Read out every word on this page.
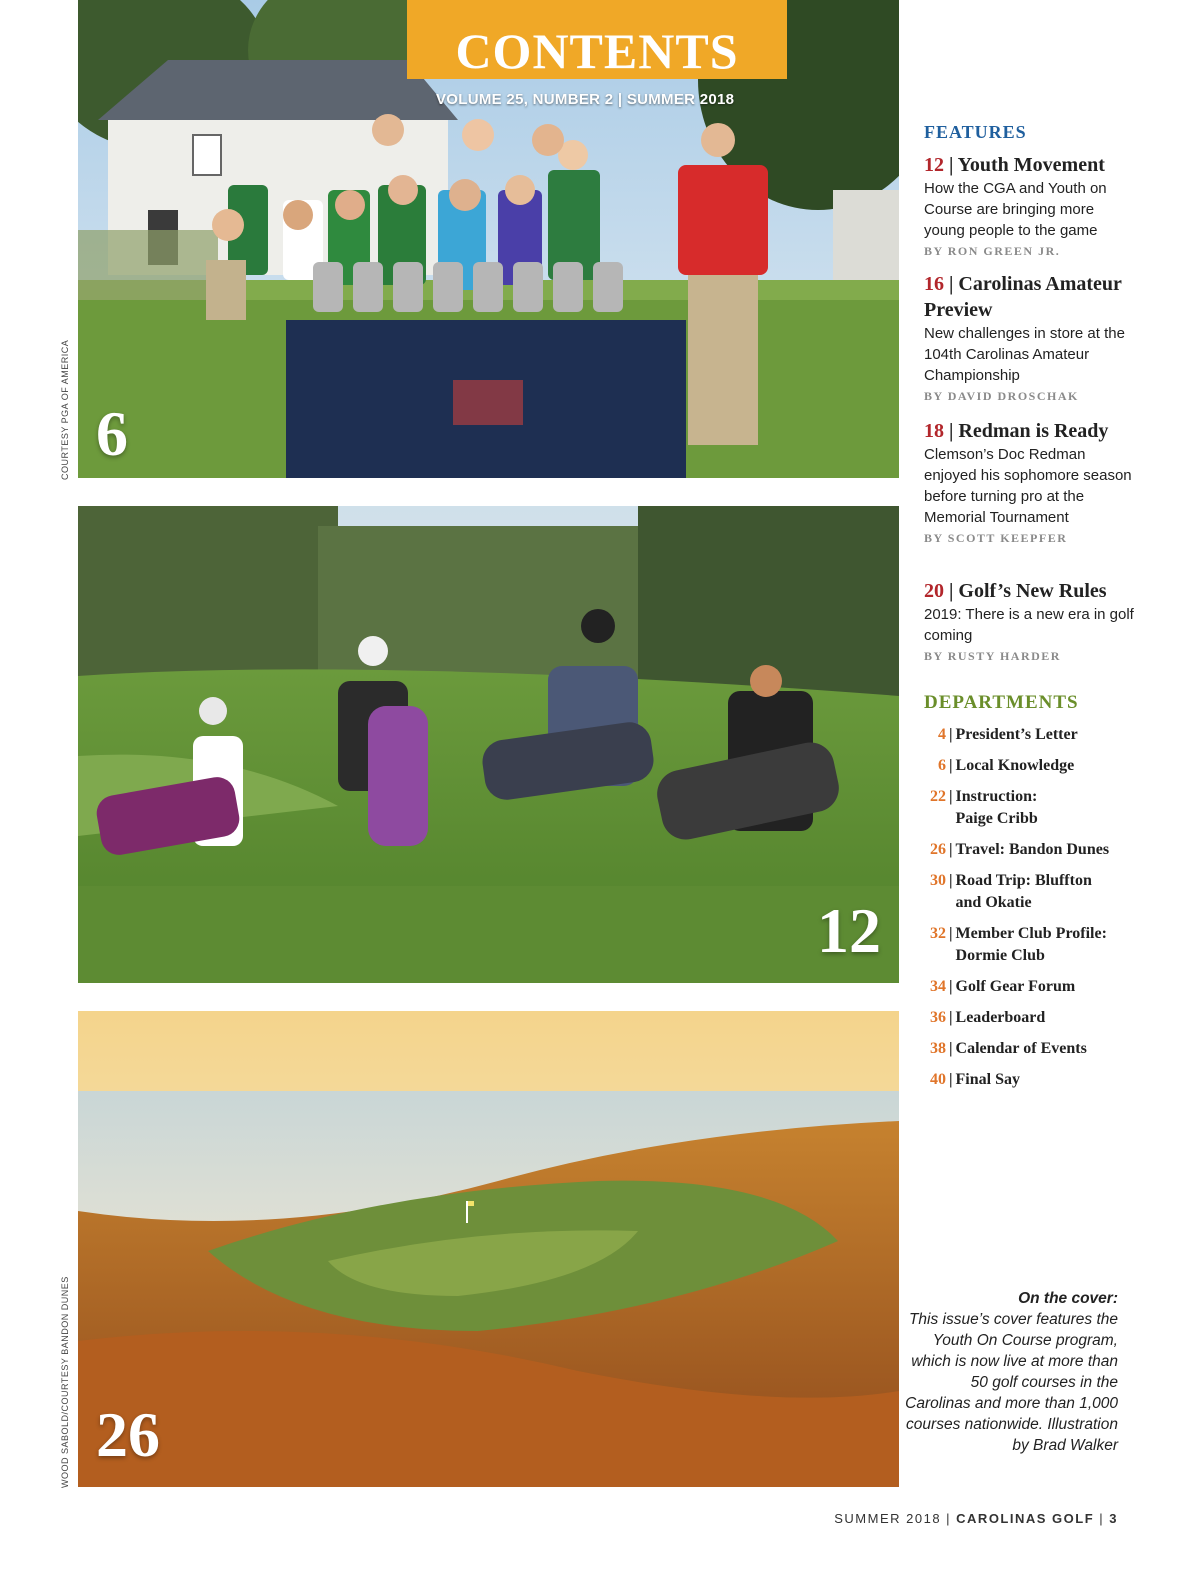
6
COURTESY PGA OF AMERICA
CONTENTS
VOLUME 25, NUMBER 2 | SUMMER 2018
12
26
WOOD SABOLD/COURTESY BANDON DUNES
FEATURES
12 | Youth Movement
How the CGA and Youth on Course are bringing more young people to the game
BY RON GREEN JR.
16 | Carolinas Amateur Preview
New challenges in store at the 104th Carolinas Amateur Championship
BY DAVID DROSCHAK
18 | Redman is Ready
Clemson’s Doc Redman enjoyed his sophomore season before turning pro at the Memorial Tournament
BY SCOTT KEEPFER
20 | Golf’s New Rules
2019: There is a new era in golf coming
BY RUSTY HARDER
DEPARTMENTS
4 | President’s Letter
6 | Local Knowledge
22 | Instruction: Paige Cribb
26 | Travel: Bandon Dunes
30 | Road Trip: Bluffton and Okatie
32 | Member Club Profile: Dormie Club
34 | Golf Gear Forum
36 | Leaderboard
38 | Calendar of Events
40 | Final Say
On the cover:
This issue’s cover features the Youth On Course program, which is now live at more than 50 golf courses in the Carolinas and more than 1,000 courses nationwide. Illustration by Brad Walker
SUMMER 2018 | CAROLINAS GOLF | 3
